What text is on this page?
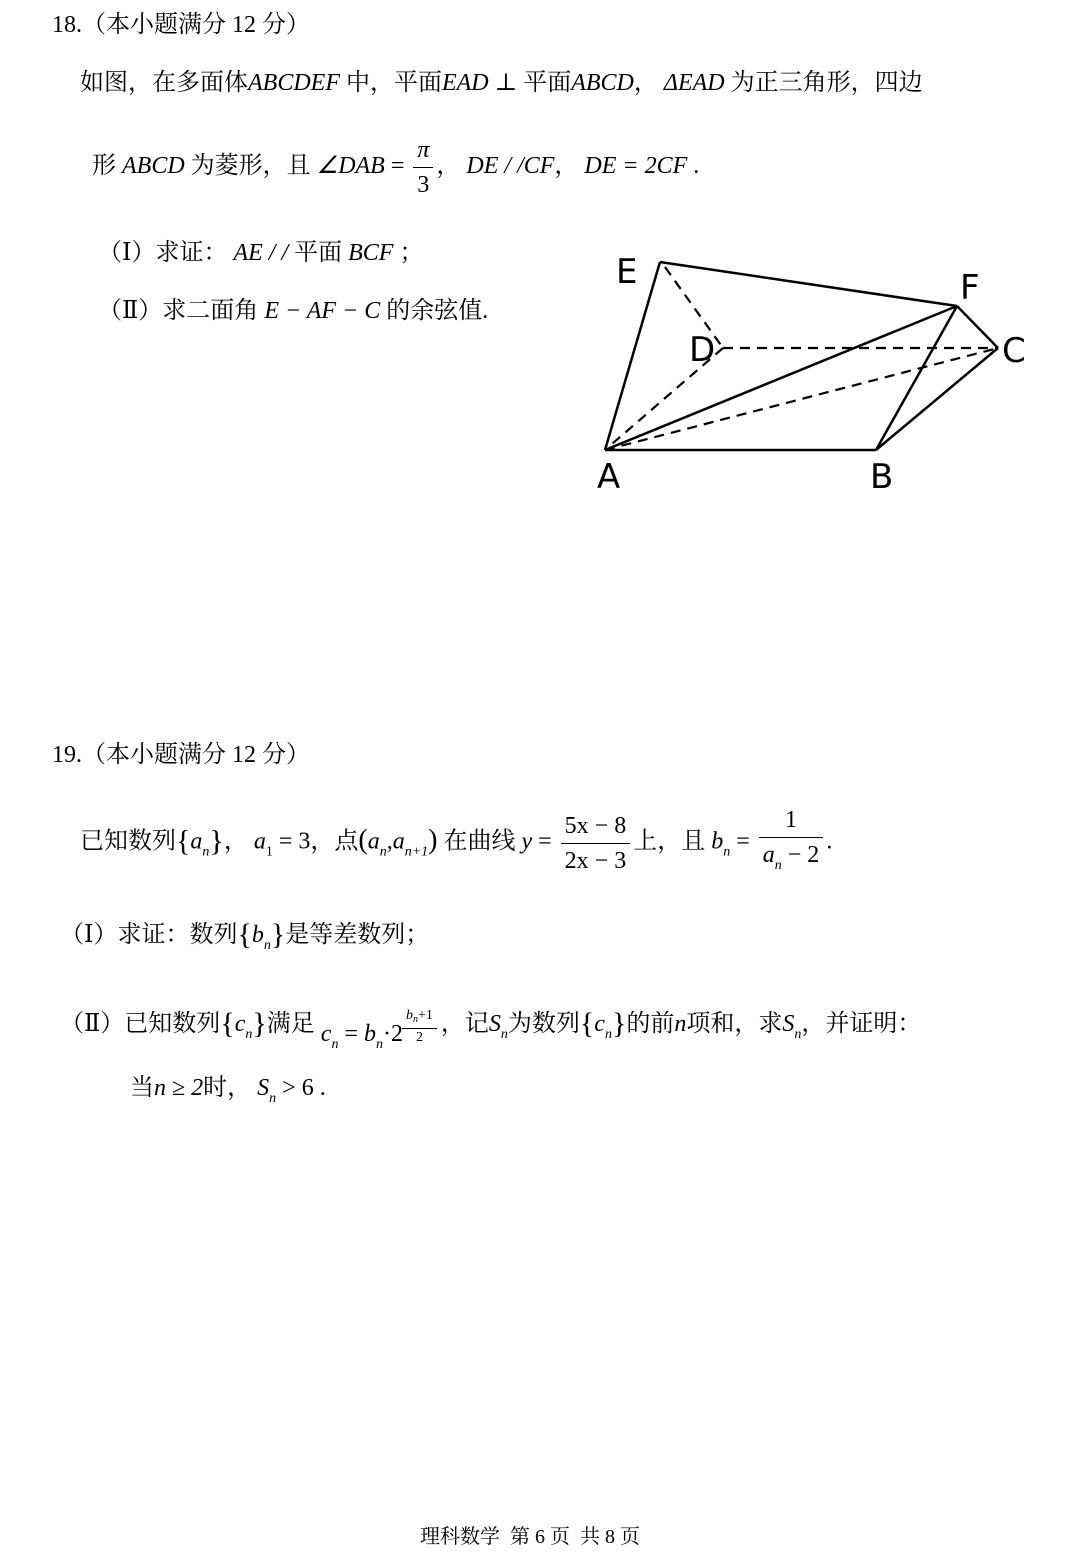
18.（本小题满分 12 分）
如图，在多面体ABCDEF 中，平面EAD ⊥ 平面ABCD， ΔEAD 为正三角形，四边
形 ABCD 为菱形，且 ∠DAB = $\frac{\pi}{3}$ ， DE / /CF， DE = 2CF .
（Ⅰ）求证： AE / / 平面 BCF ；
（Ⅱ）求二面角 E − AF − C 的余弦值.
E	F
D	C
A	B
19.（本小题满分 12 分）
已知数列$\{a_n\}$， $a_1 = 3$，点$(a_n,a_{n+1})$ 在曲线 $y = \frac{5x - 8}{2x - 3}$ 上，且 $b_n = \frac{1}{a_n - 2}$ .
（Ⅰ）求证：数列$\{b_n\}$是等差数列；
（Ⅱ）已知数列$\{c_n\}$满足 $c_n = b_n\cdot 2 \frac{b_n+1}{2}$ ，记$S_n$为数列$\{c_n\}$的前n项和，求$S_n$，并证明：
当n ≥ 2时， $S_n > 6$ .
理科数学  第 6 页  共 8 页
